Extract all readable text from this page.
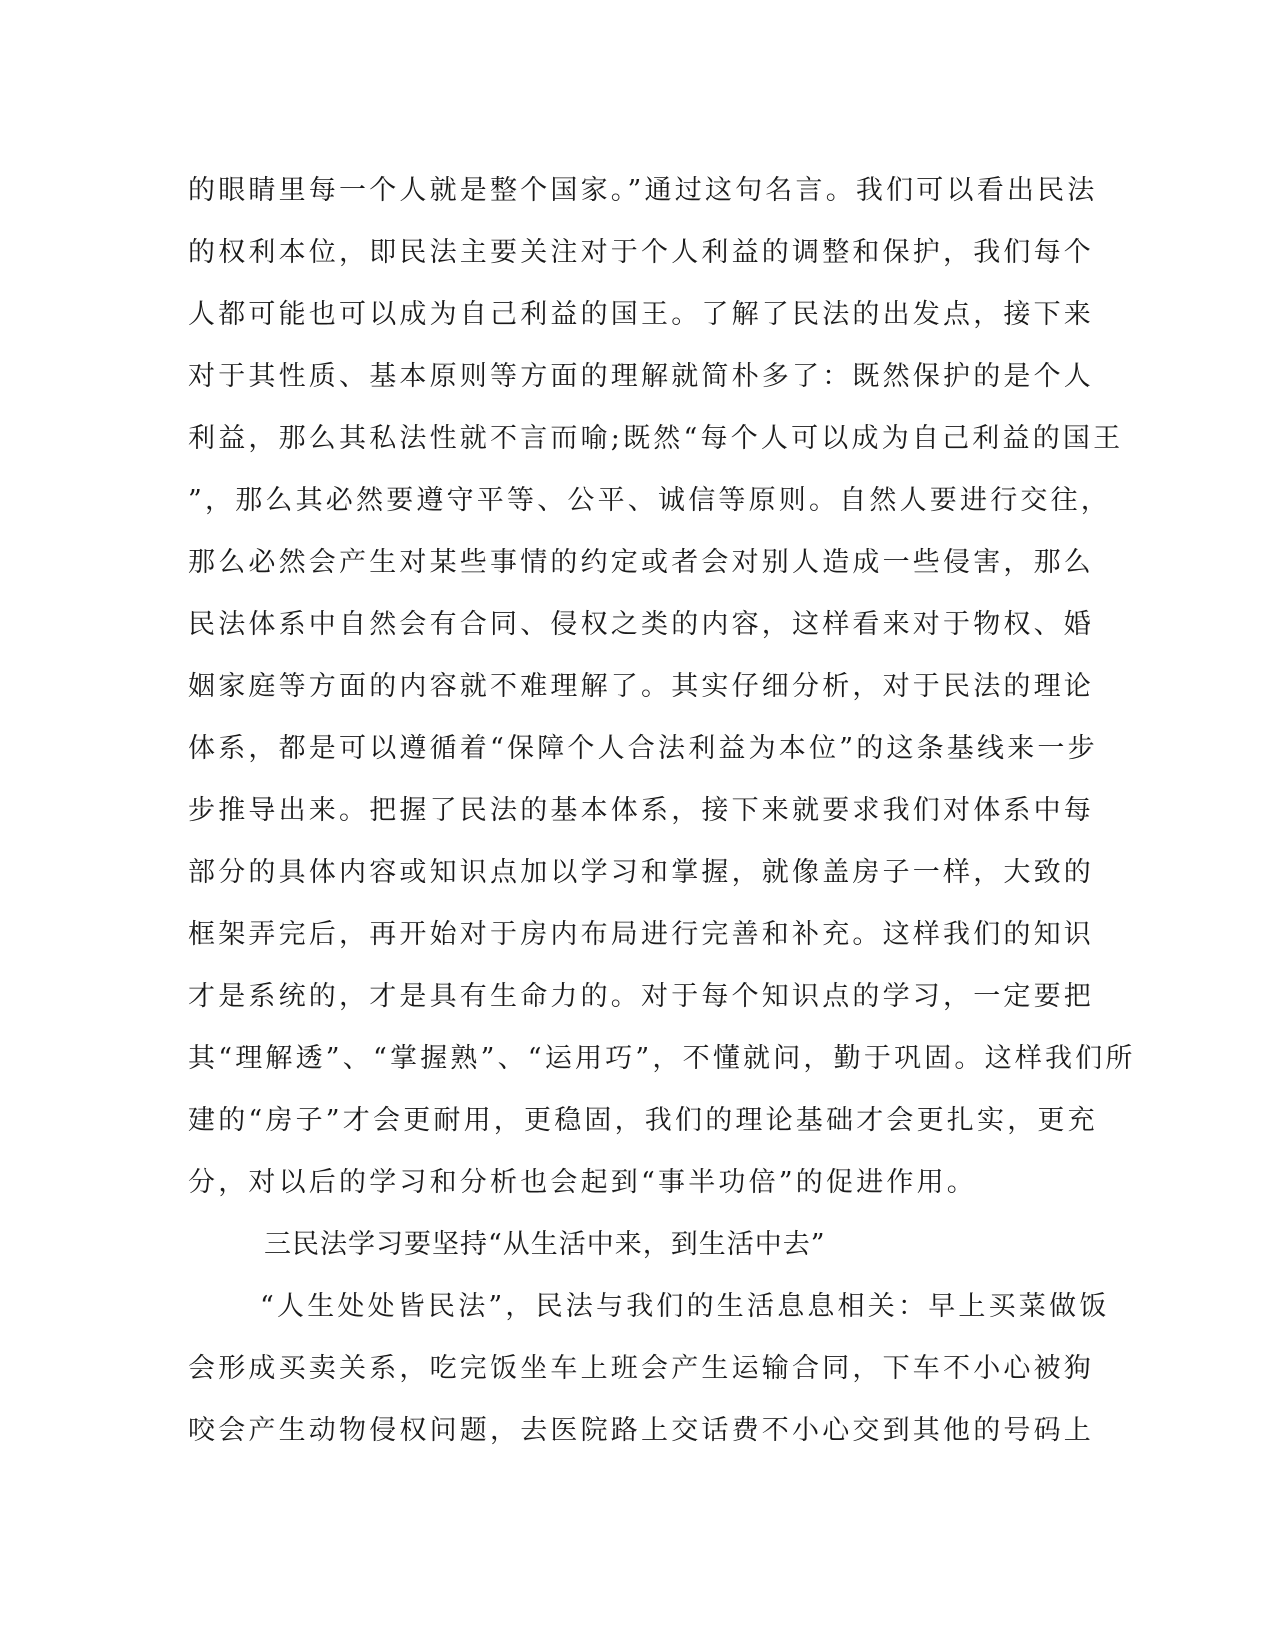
的眼睛里每一个人就是整个国家。”通过这句名言。我们可以看出民法
的权利本位，即民法主要关注对于个人利益的调整和保护，我们每个
人都可能也可以成为自己利益的国王。了解了民法的出发点，接下来
对于其性质、基本原则等方面的理解就简朴多了：既然保护的是个人
利益，那么其私法性就不言而喻;既然“每个人可以成为自己利益的国王
”，那么其必然要遵守平等、公平、诚信等原则。自然人要进行交往，
那么必然会产生对某些事情的约定或者会对别人造成一些侵害，那么
民法体系中自然会有合同、侵权之类的内容，这样看来对于物权、婚
姻家庭等方面的内容就不难理解了。其实仔细分析，对于民法的理论
体系，都是可以遵循着“保障个人合法利益为本位”的这条基线来一步
步推导出来。把握了民法的基本体系，接下来就要求我们对体系中每
部分的具体内容或知识点加以学习和掌握，就像盖房子一样，大致的
框架弄完后，再开始对于房内布局进行完善和补充。这样我们的知识
才是系统的，才是具有生命力的。对于每个知识点的学习，一定要把
其“理解透”、“掌握熟”、“运用巧”，不懂就问，勤于巩固。这样我们所
建的“房子”才会更耐用，更稳固，我们的理论基础才会更扎实，更充
分，对以后的学习和分析也会起到“事半功倍”的促进作用。
三民法学习要坚持“从生活中来，到生活中去”
“人生处处皆民法”，民法与我们的生活息息相关：早上买菜做饭
会形成买卖关系，吃完饭坐车上班会产生运输合同，下车不小心被狗
咬会产生动物侵权问题，去医院路上交话费不小心交到其他的号码上
